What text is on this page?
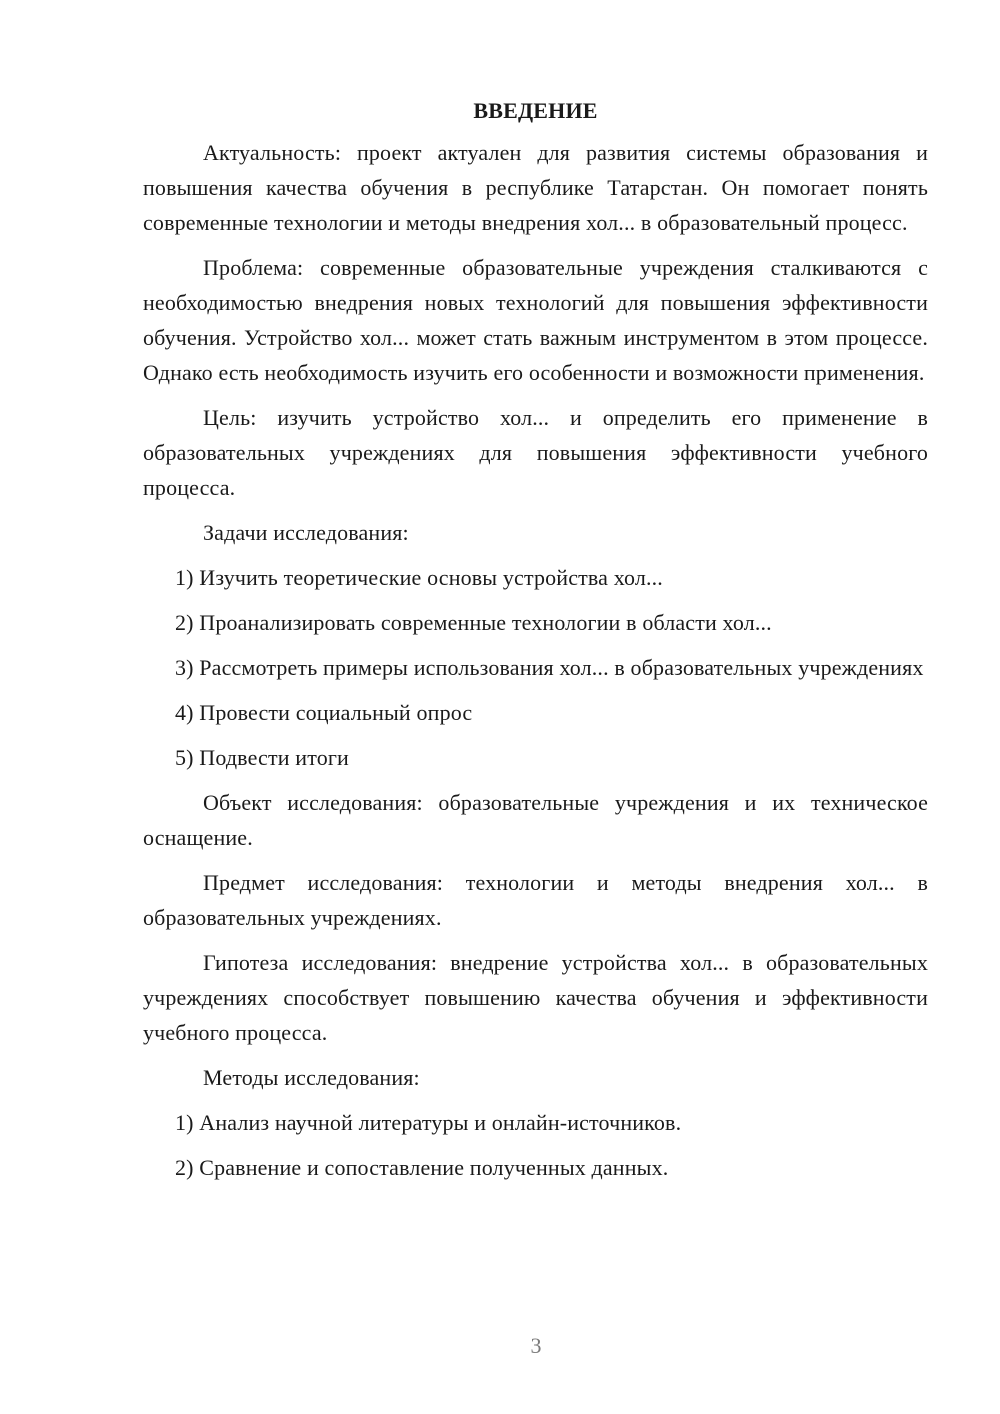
ВВЕДЕНИЕ

Актуальность: проект актуален для развития системы образования и повышения качества обучения в республике Татарстан. Он помогает понять современные технологии и методы внедрения хол... в образовательный процесс.

Проблема: современные образовательные учреждения сталкиваются с необходимостью внедрения новых технологий для повышения эффективности обучения. Устройство хол... может стать важным инструментом в этом процессе. Однако есть необходимость изучить его особенности и возможности применения.

Цель: изучить устройство хол... и определить его применение в образовательных учреждениях для повышения эффективности учебного процесса.

Задачи исследования:

1) Изучить теоретические основы устройства хол...

2) Проанализировать современные технологии в области хол...

3) Рассмотреть примеры использования хол... в образовательных учреждениях

4) Провести социальный опрос

5) Подвести итоги

Объект исследования: образовательные учреждения и их техническое оснащение.

Предмет исследования: технологии и методы внедрения хол... в образовательных учреждениях.

Гипотеза исследования: внедрение устройства хол... в образовательных учреждениях способствует повышению качества обучения и эффективности учебного процесса.

Методы исследования:

1) Анализ научной литературы и онлайн-источников.

2) Сравнение и сопоставление полученных данных.

3
